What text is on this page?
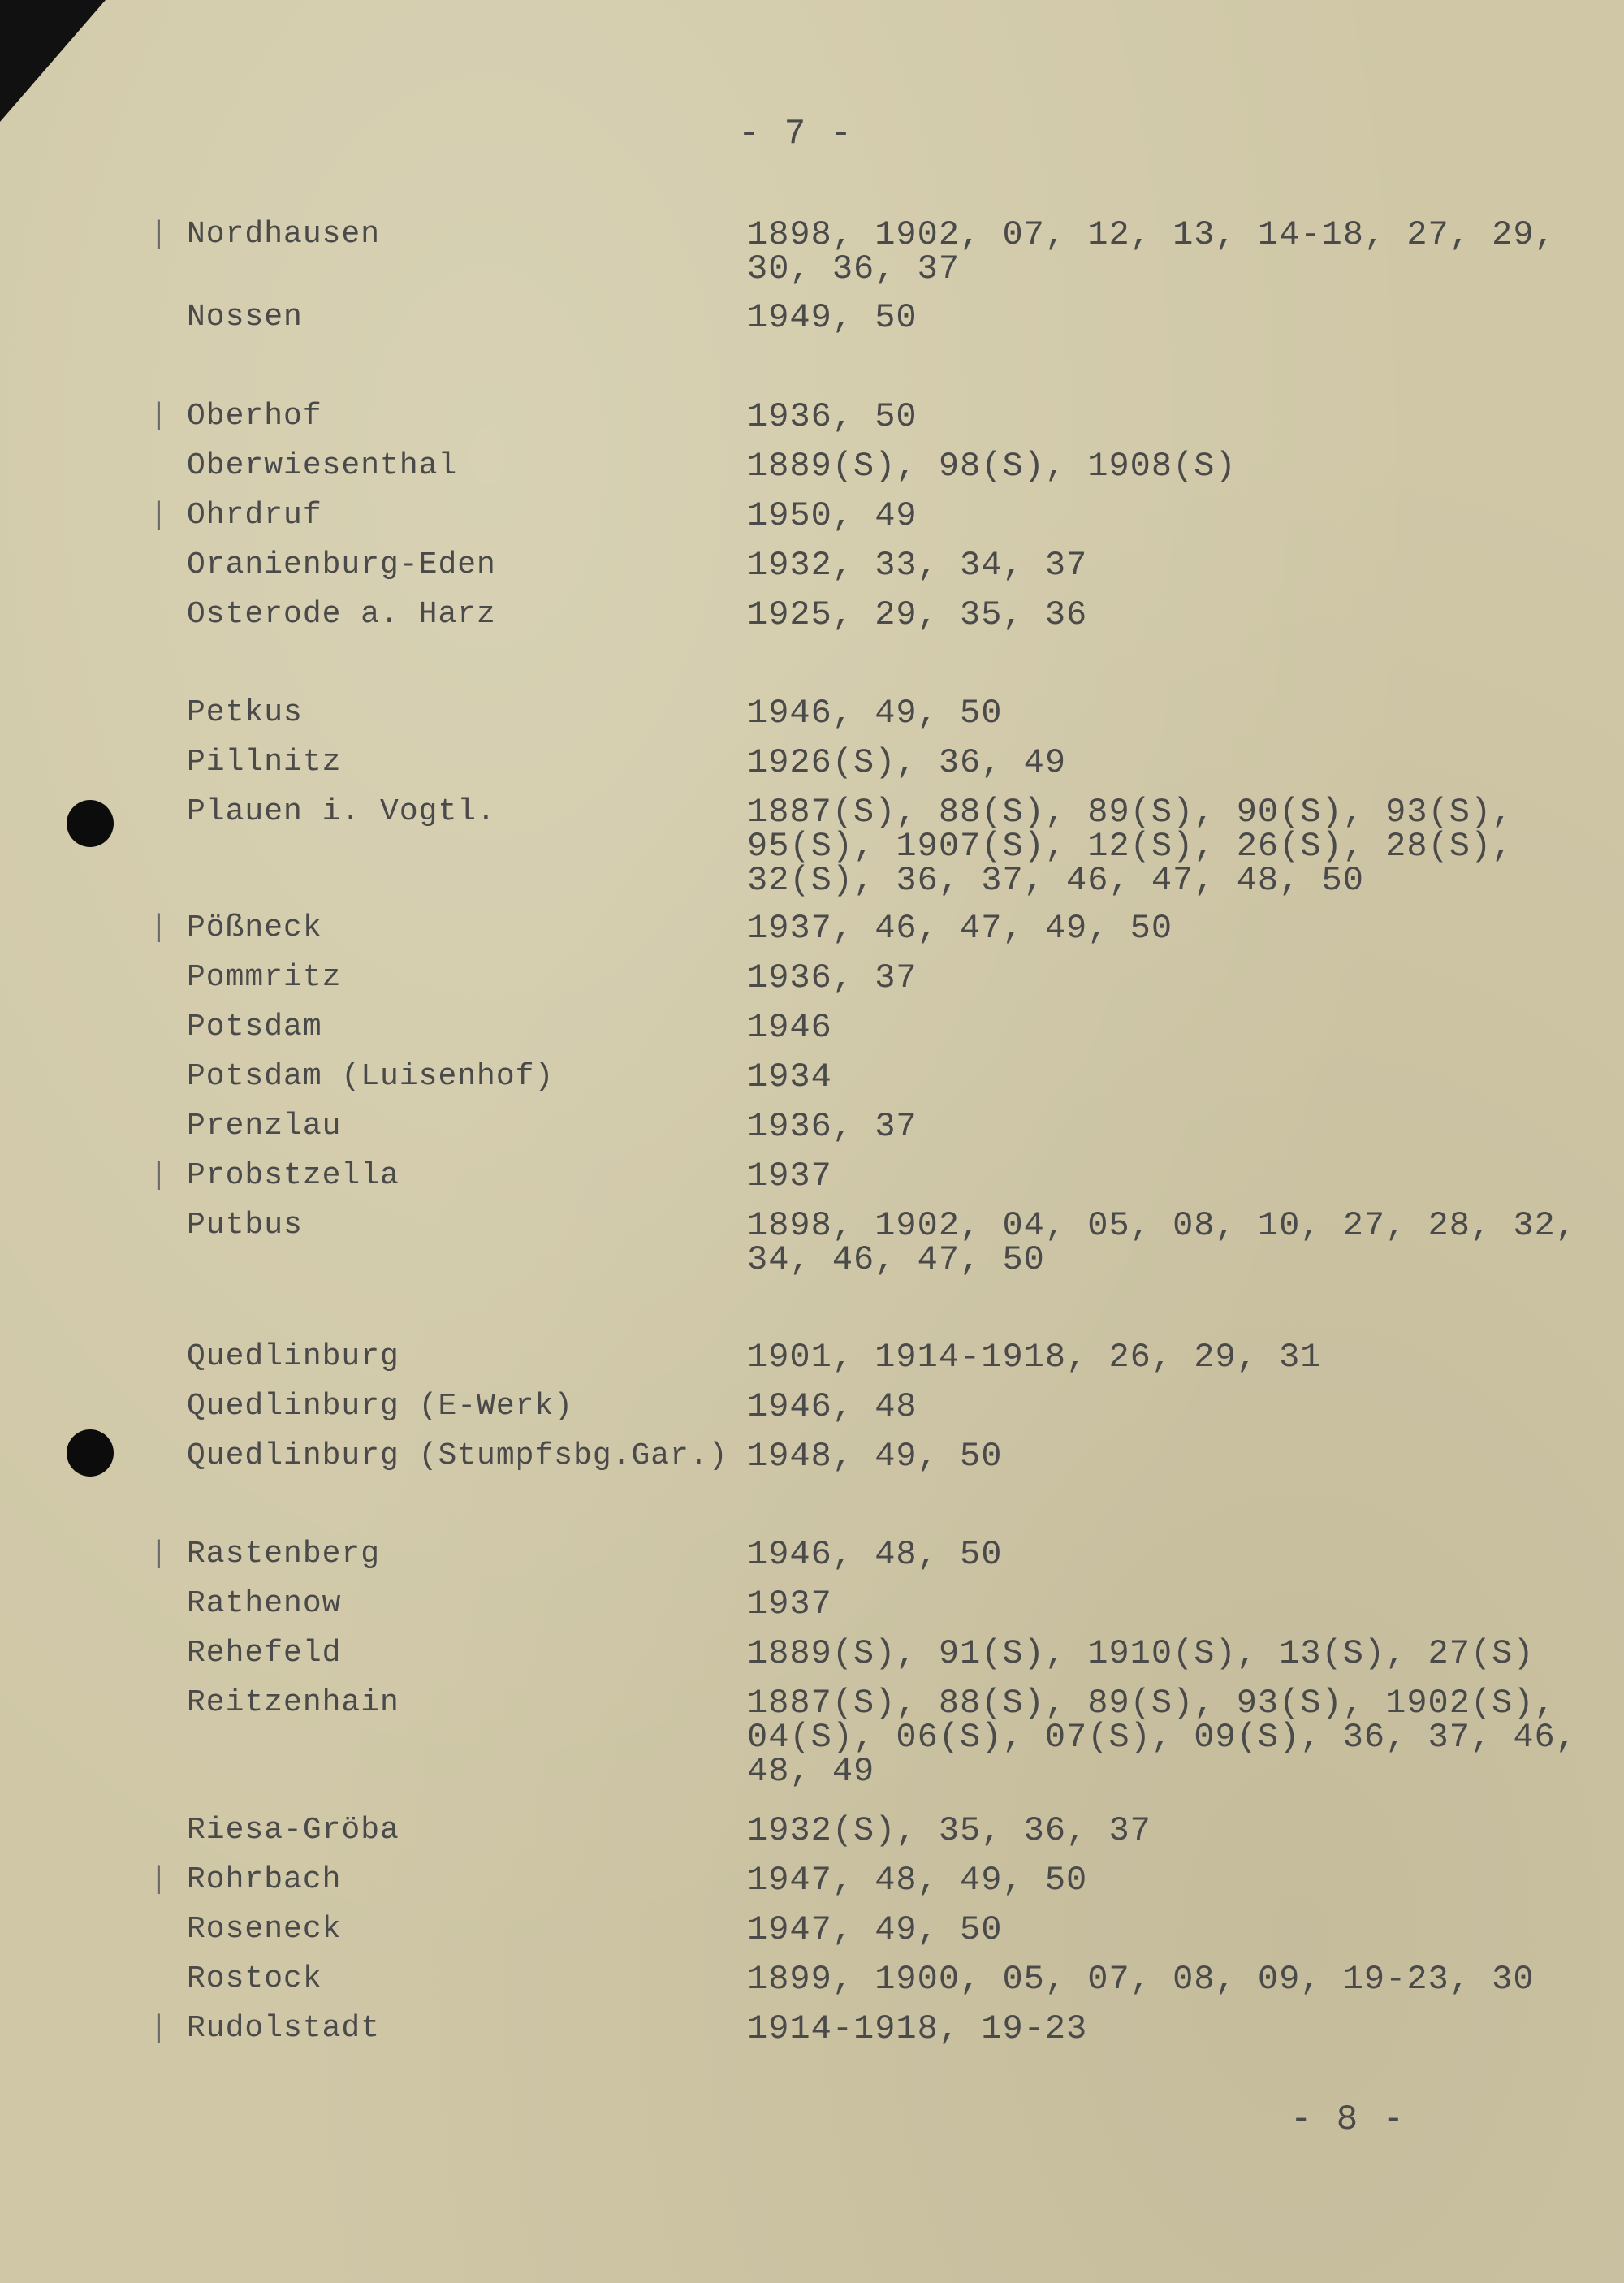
- 7 -
| Nordhausen	1898, 1902, 07, 12, 13, 14-18, 27, 29, 30, 36, 37
Nossen	1949, 50
| Oberhof	1936, 50
Oberwiesenthal	1889(S), 98(S), 1908(S)
| Ohrdruf	1950, 49
Oranienburg-Eden	1932, 33, 34, 37
Osterode a. Harz	1925, 29, 35, 36
Petkus	1946, 49, 50
Pillnitz	1926(S), 36, 49
Plauen i. Vogtl.	1887(S), 88(S), 89(S), 90(S), 93(S), 95(S), 1907(S), 12(S), 26(S), 28(S), 32(S), 36, 37, 46, 47, 48, 50
| Pößneck	1937, 46, 47, 49, 50
Pommritz	1936, 37
Potsdam	1946
Potsdam (Luisenhof)	1934
Prenzlau	1936, 37
| Probstzella	1937
Putbus	1898, 1902, 04, 05, 08, 10, 27, 28, 32, 34, 46, 47, 50
Quedlinburg	1901, 1914-1918, 26, 29, 31
Quedlinburg (E-Werk)	1946, 48
Quedlinburg (Stumpfsbg.Gar.) 1948, 49, 50
| Rastenberg	1946, 48, 50
Rathenow	1937
Rehefeld	1889(S), 91(S), 1910(S), 13(S), 27(S)
Reitzenhain	1887(S), 88(S), 89(S), 93(S), 1902(S), 04(S), 06(S), 07(S), 09(S), 36, 37, 46, 48, 49
Riesa-Gröba	1932(S), 35, 36, 37
| Rohrbach	1947, 48, 49, 50
Roseneck	1947, 49, 50
Rostock	1899, 1900, 05, 07, 08, 09, 19-23, 30
| Rudolstadt	1914-1918, 19-23
- 8 -
